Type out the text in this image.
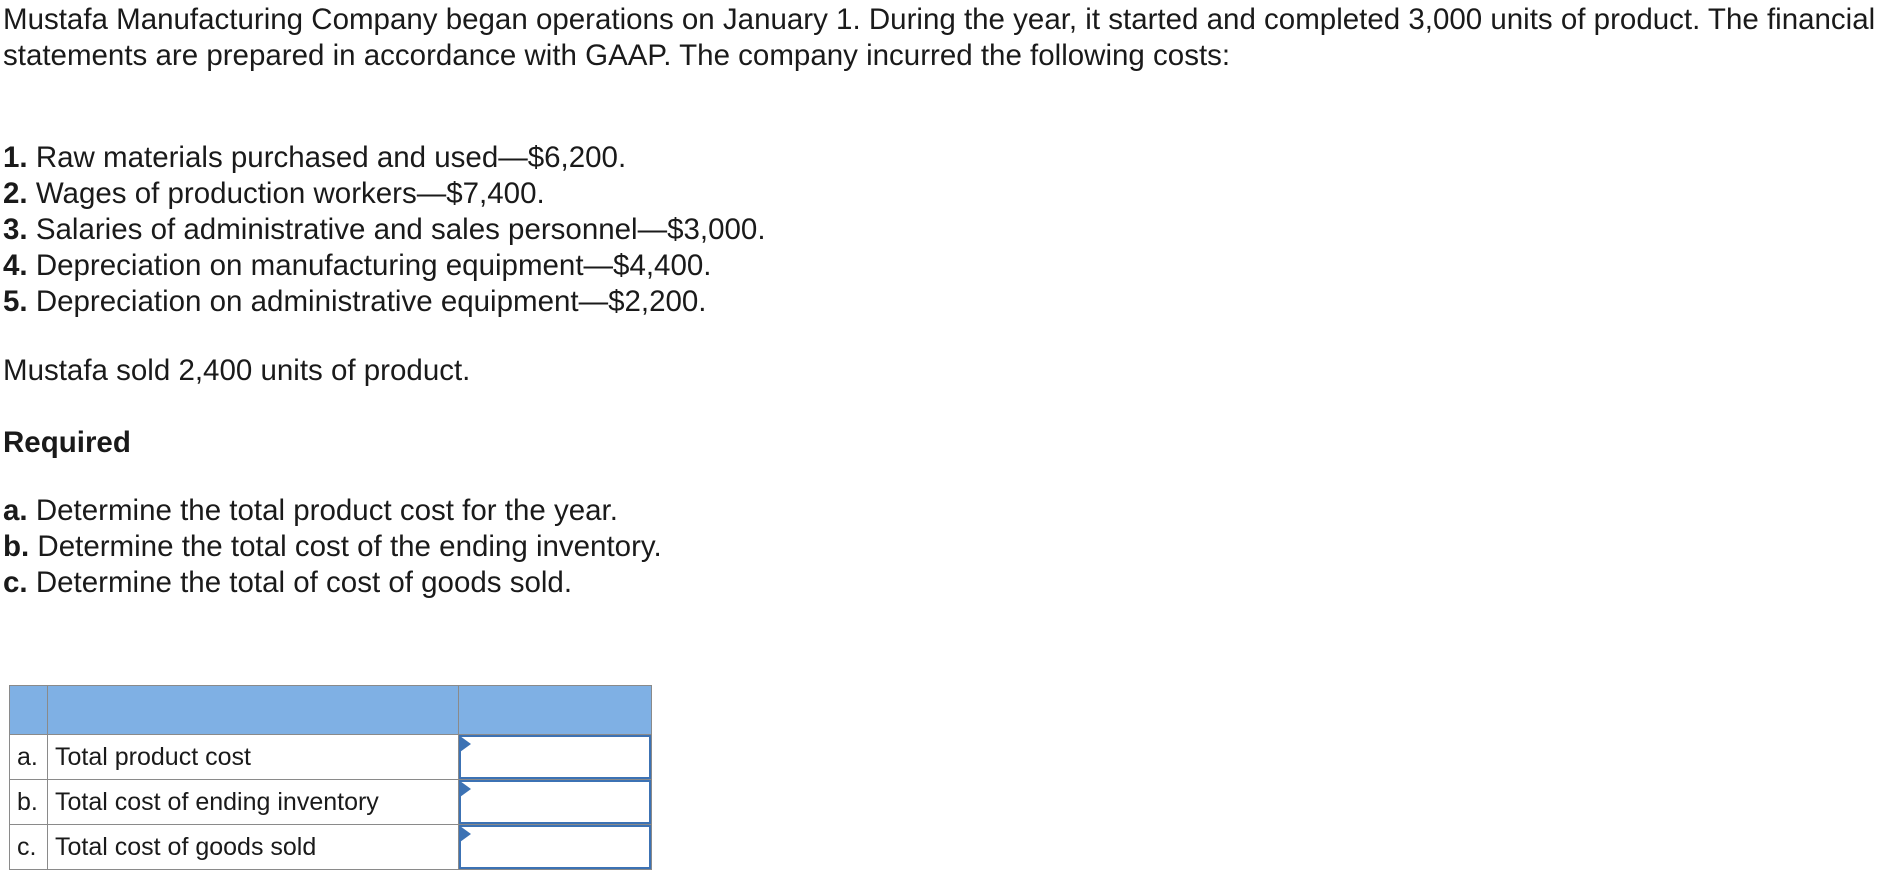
Mustafa Manufacturing Company began operations on January 1. During the year, it started and completed 3,000 units of product. The financial statements are prepared in accordance with GAAP. The company incurred the following costs:

1. Raw materials purchased and used—$6,200.
2. Wages of production workers—$7,400.
3. Salaries of administrative and sales personnel—$3,000.
4. Depreciation on manufacturing equipment—$4,400.
5. Depreciation on administrative equipment—$2,200.

Mustafa sold 2,400 units of product.

Required

a. Determine the total product cost for the year.
b. Determine the total cost of the ending inventory.
c. Determine the total of cost of goods sold.

a.	Total product cost	

b.	Total cost of ending inventory	

c.	Total cost of goods sold	
